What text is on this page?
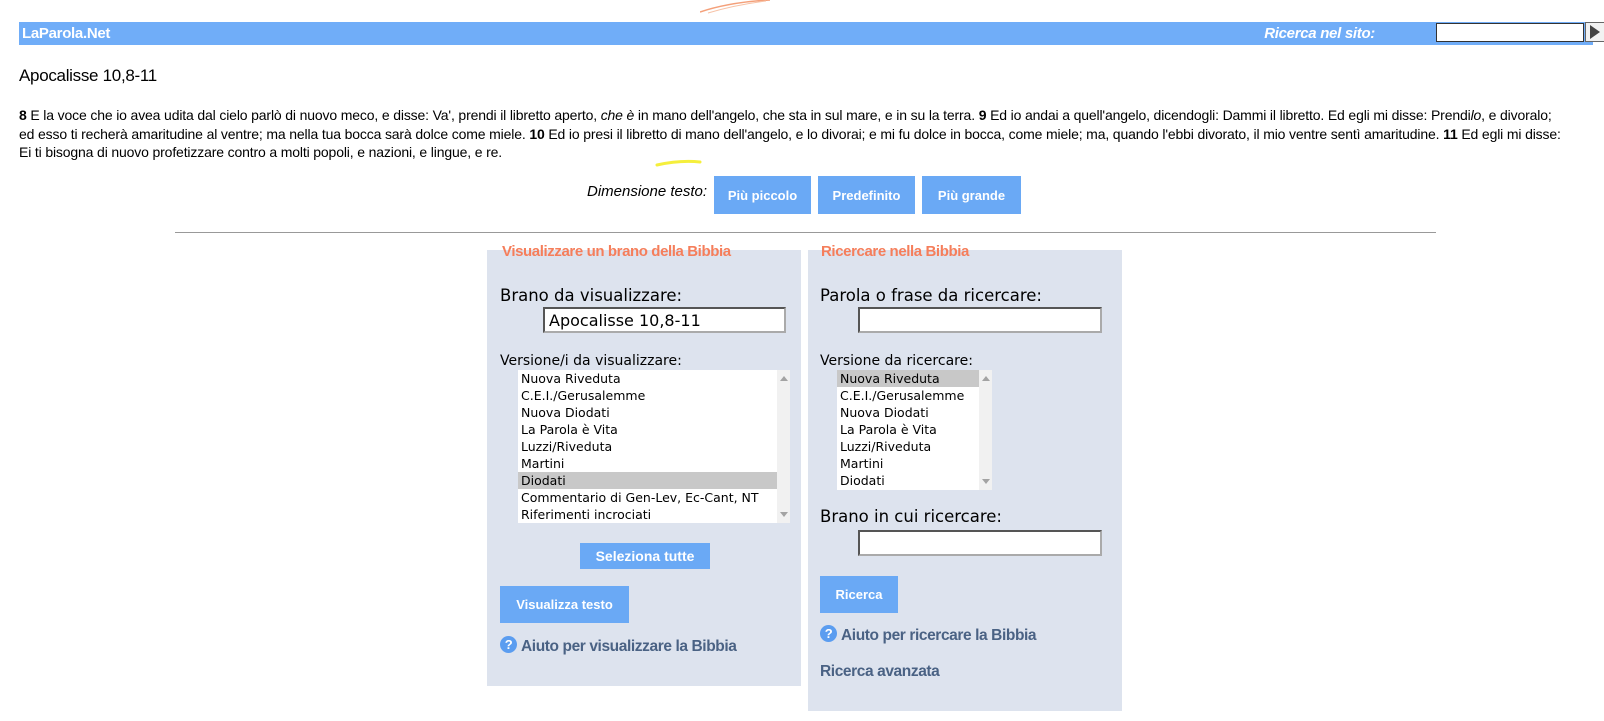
LaParola.Net	Ricerca nel sito:
Apocalisse 10,8-11

8 E la voce che io avea udita dal cielo parlò di nuovo meco, e disse: Va', prendi il libretto aperto, che è in mano dell'angelo, che sta in sul mare, e in su la terra. 9 Ed io andai a quell'angelo, dicendogli: Dammi il libretto. Ed egli mi disse: Prendilo, e divoralo; ed esso ti recherà amaritudine al ventre; ma nella tua bocca sarà dolce come miele. 10 Ed io presi il libretto di mano dell'angelo, e lo divorai; e mi fu dolce in bocca, come miele; ma, quando l'ebbi divorato, il mio ventre sentì amaritudine. 11 Ed egli mi disse: Ei ti bisogna di nuovo profetizzare contro a molti popoli, e nazioni, e lingue, e re.

Dimensione testo:	Più piccolo	Predefinito	Più grande
Visualizzare un brano della Bibbia
Brano da visualizzare:
Apocalisse 10,8-11
Versione/i da visualizzare:
Nuova Riveduta
C.E.I./Gerusalemme
Nuova Diodati
La Parola è Vita
Luzzi/Riveduta
Martini
Diodati
Commentario di Gen-Lev, Ec-Cant, NT
Riferimenti incrociati
Seleziona tutte
Visualizza testo
? Aiuto per visualizzare la Bibbia
Ricercare nella Bibbia
Parola o frase da ricercare:
Versione da ricercare:
Nuova Riveduta
C.E.I./Gerusalemme
Nuova Diodati
La Parola è Vita
Luzzi/Riveduta
Martini
Diodati
Brano in cui ricercare:
Ricerca
? Aiuto per ricercare la Bibbia
Ricerca avanzata
